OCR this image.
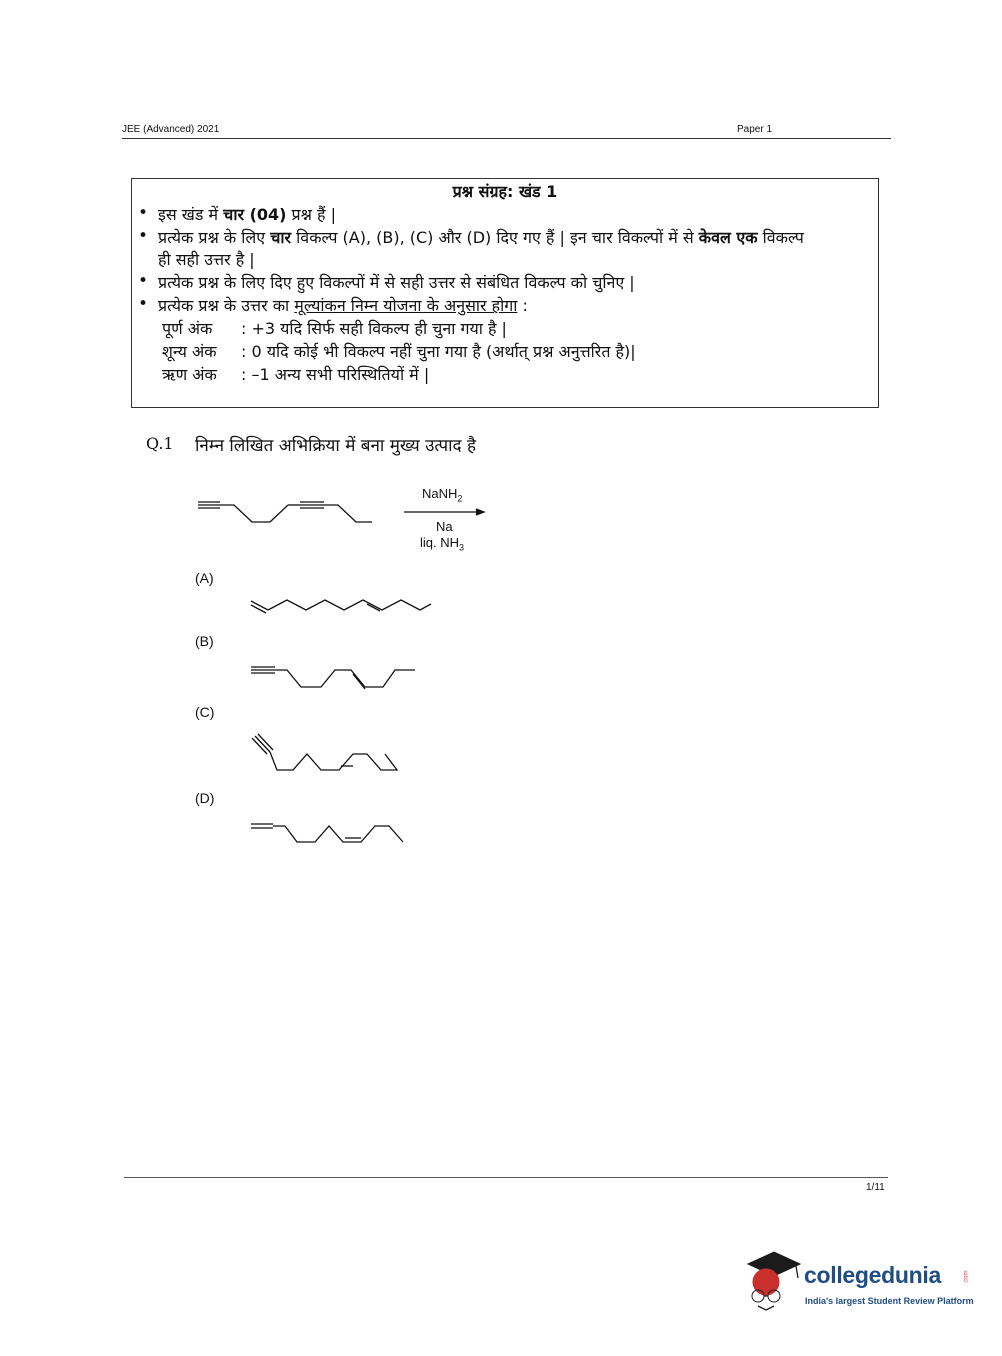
JEE (Advanced) 2021	Paper 1
प्रश्न संग्रह: खंड 1
• इस खंड में चार (04) प्रश्न हैं |
• प्रत्येक प्रश्न के लिए चार विकल्प (A), (B), (C) और (D) दिए गए हैं | इन चार विकल्पों में से केवल एक विकल्प
ही सही उत्तर है |
• प्रत्येक प्रश्न के लिए दिए हुए विकल्पों में से सही उत्तर से संबंधित विकल्प को चुनिए |
• प्रत्येक प्रश्न के उत्तर का मूल्यांकन निम्न योजना के अनुसार होगा :
पूर्ण अंक : +3 यदि सिर्फ सही विकल्प ही चुना गया है |
शून्य अंक : 0 यदि कोई भी विकल्प नहीं चुना गया है (अर्थात् प्रश्न अनुत्तरित है)|
ऋण अंक : –1 अन्य सभी परिस्थितियों में |
Q.1 निम्न लिखित अभिक्रिया में बना मुख्य उत्पाद है
NaNH$_2$
Na
liq. $NH_3$
(A)
(B)
(C)
(D)
1/11
collegedunia	.com
India's largest Student Review Platform
